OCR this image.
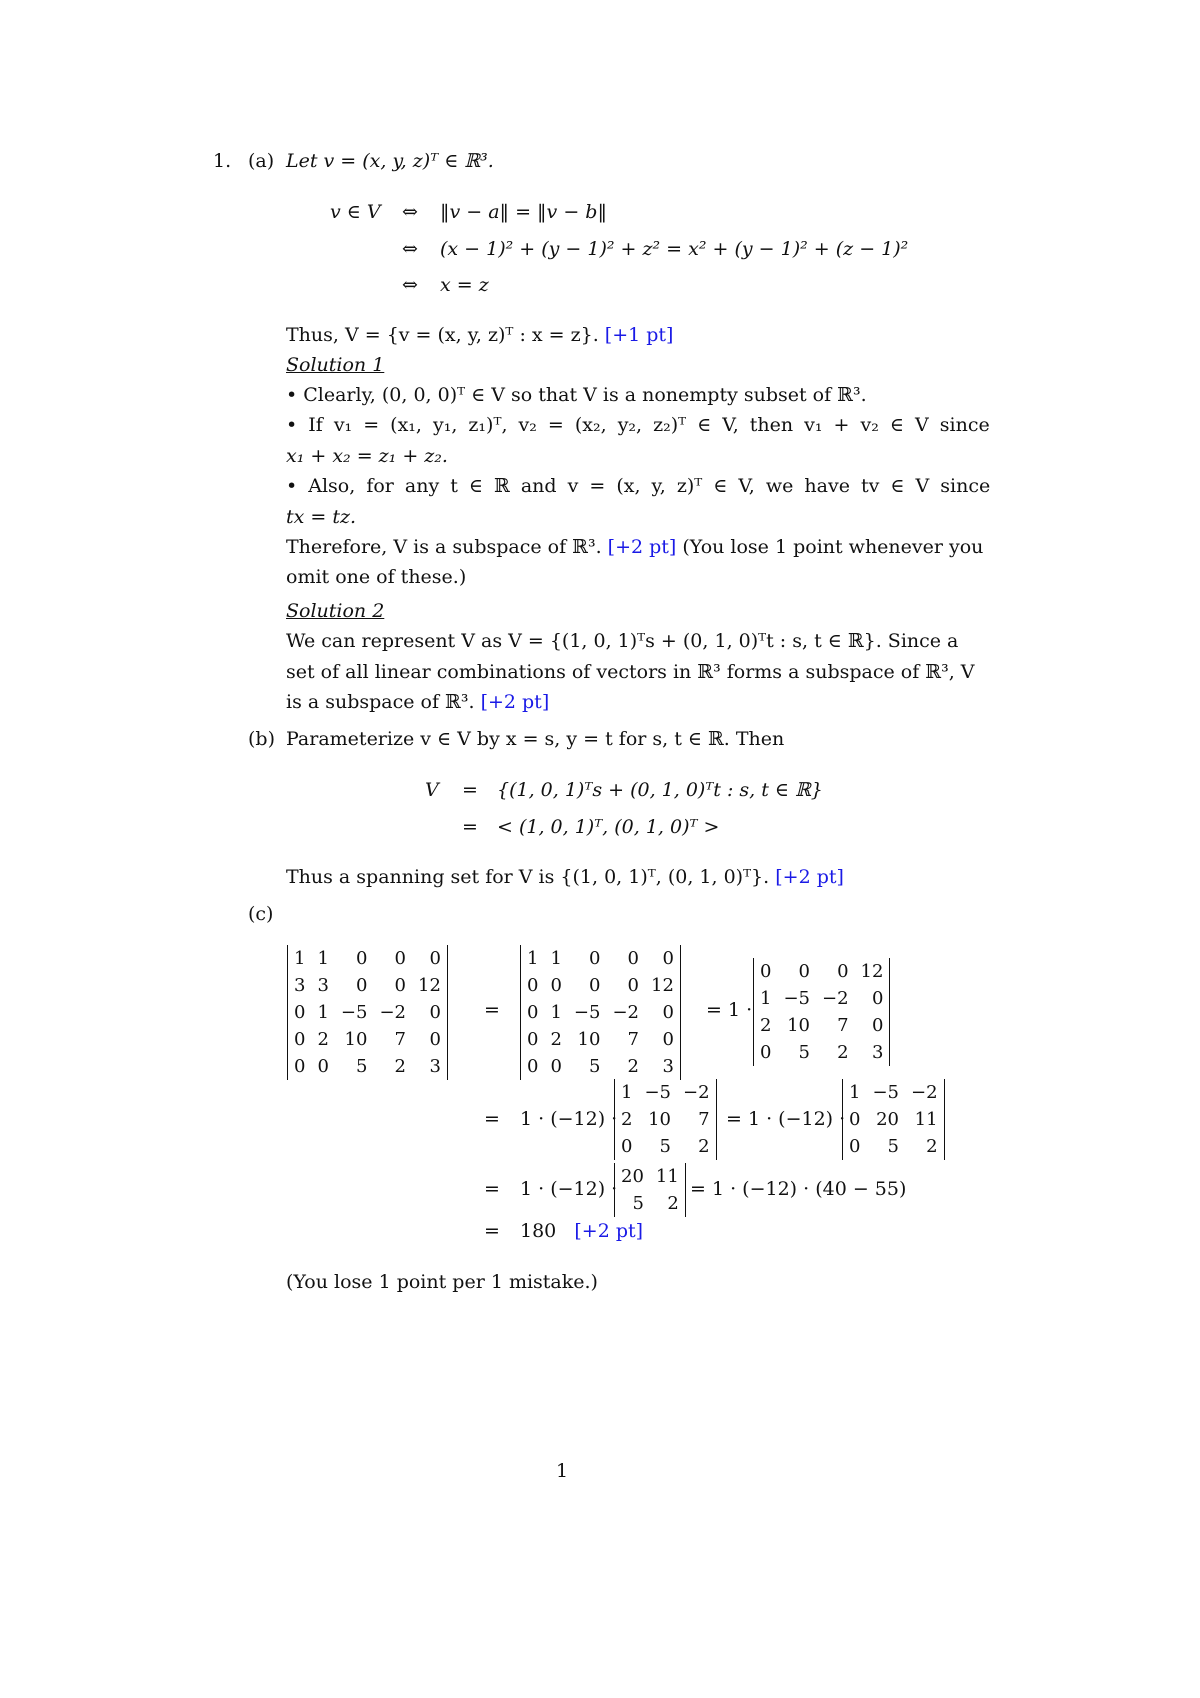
1. (a) Let v = (x, y, z)ᵀ ∈ ℝ³.
v ∈ V ⇔ ‖v − a‖ = ‖v − b‖
⇔ (x − 1)² + (y − 1)² + z² = x² + (y − 1)² + (z − 1)²
⇔ x = z
Thus, V = {v = (x, y, z)ᵀ : x = z}. [+1 pt]
Solution 1
• Clearly, (0, 0, 0)ᵀ ∈ V so that V is a nonempty subset of ℝ³.
• If v₁ = (x₁, y₁, z₁)ᵀ, v₂ = (x₂, y₂, z₂)ᵀ ∈ V, then v₁ + v₂ ∈ V since
x₁ + x₂ = z₁ + z₂.
• Also, for any t ∈ ℝ and v = (x, y, z)ᵀ ∈ V, we have tv ∈ V since
tx = tz.
Therefore, V is a subspace of ℝ³. [+2 pt] (You lose 1 point whenever you
omit one of these.)
Solution 2
We can represent V as V = {(1, 0, 1)ᵀs + (0, 1, 0)ᵀt : s, t ∈ ℝ}. Since a
set of all linear combinations of vectors in ℝ³ forms a subspace of ℝ³, V
is a subspace of ℝ³. [+2 pt]
(b) Parameterize v ∈ V by x = s, y = t for s, t ∈ ℝ. Then
V = {(1, 0, 1)ᵀs + (0, 1, 0)ᵀt : s, t ∈ ℝ}
= < (1, 0, 1)ᵀ, (0, 1, 0)ᵀ >
Thus a spanning set for V is {(1, 0, 1)ᵀ, (0, 1, 0)ᵀ}. [+2 pt]
(c)
1	1	0	0	0
3	3	0	0	12
0	1	−5	−2	0
0	2	10	7	0
0	0	5	2	3
=
1	1	0	0	0
0	0	0	0	12
0	1	−5	−2	0
0	2	10	7	0
0	0	5	2	3
= 1 ·
0	0	0	12
1	−5	−2	0
2	10	7	0
0	5	2	3
= 1 · (−12) ·
1	−5	−2
2	10	7
0	5	2
= 1 · (−12) ·
1	−5	−2
0	20	11
0	5	2
= 1 · (−12) ·
20	11
5	2
= 1 · (−12) · (40 − 55)
= 180 [+2 pt]
(You lose 1 point per 1 mistake.)
1
